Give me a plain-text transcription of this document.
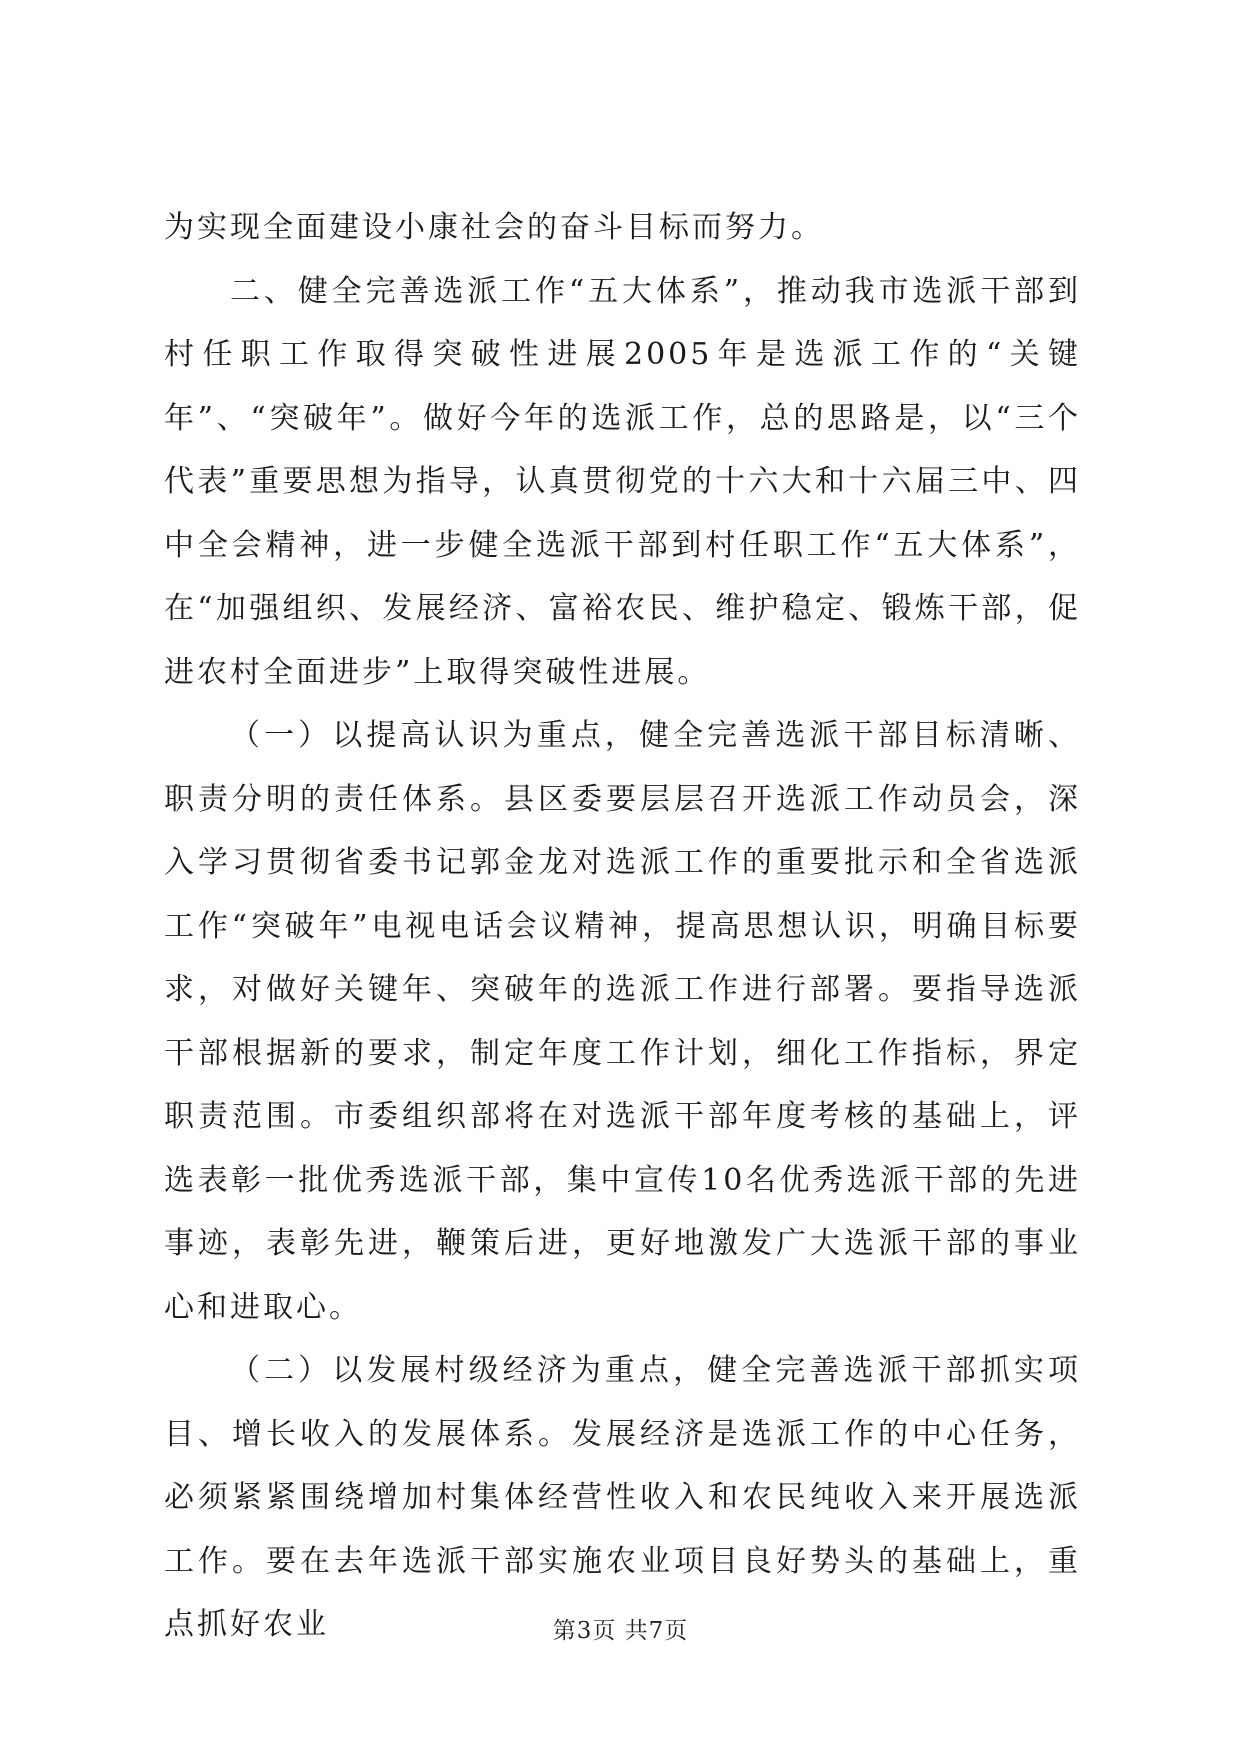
为实现全面建设小康社会的奋斗目标而努力。

二、健全完善选派工作“五大体系”，推动我市选派干部到村任职工作取得突破性进展2005年是选派工作的“关键年”、“突破年”。做好今年的选派工作，总的思路是，以“三个代表”重要思想为指导，认真贯彻党的十六大和十六届三中、四中全会精神，进一步健全选派干部到村任职工作“五大体系”，在“加强组织、发展经济、富裕农民、维护稳定、锻炼干部，促进农村全面进步”上取得突破性进展。

（一）以提高认识为重点，健全完善选派干部目标清晰、职责分明的责任体系。县区委要层层召开选派工作动员会，深入学习贯彻省委书记郭金龙对选派工作的重要批示和全省选派工作“突破年”电视电话会议精神，提高思想认识，明确目标要求，对做好关键年、突破年的选派工作进行部署。要指导选派干部根据新的要求，制定年度工作计划，细化工作指标，界定职责范围。市委组织部将在对选派干部年度考核的基础上，评选表彰一批优秀选派干部，集中宣传10名优秀选派干部的先进事迹，表彰先进，鞭策后进，更好地激发广大选派干部的事业心和进取心。

（二）以发展村级经济为重点，健全完善选派干部抓实项目、增长收入的发展体系。发展经济是选派工作的中心任务，必须紧紧围绕增加村集体经营性收入和农民纯收入来开展选派工作。要在去年选派干部实施农业项目良好势头的基础上，重点抓好农业	第3页 共7页
